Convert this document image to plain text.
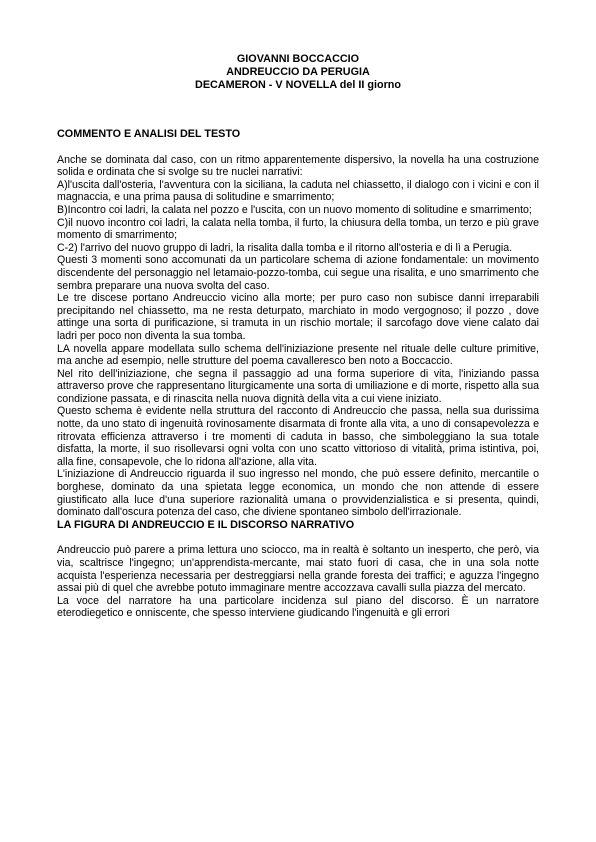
GIOVANNI BOCCACCIO
ANDREUCCIO DA PERUGIA
DECAMERON - V NOVELLA del II giorno
COMMENTO E ANALISI DEL TESTO

Anche se dominata dal caso, con un ritmo apparentemente dispersivo, la novella ha una costruzione solida e ordinata che si svolge su tre nuclei narrativi:

A)l'uscita dall'osteria, l'avventura con la siciliana, la caduta nel chiassetto, il dialogo con i vicini e con il magnaccia, e una prima pausa di solitudine e smarrimento;

B)Incontro coi ladri, la calata nel pozzo e l'uscita, con un nuovo momento di solitudine e smarrimento;

C)il nuovo incontro coi ladri, la calata nella tomba, il furto, la chiusura della tomba, un terzo e più grave momento di smarrimento;

C-2) l'arrivo del nuovo gruppo di ladri, la risalita dalla tomba e il ritorno all'osteria e di lì a Perugia.

Questi 3 momenti sono accomunati da un particolare schema di azione fondamentale: un movimento discendente del personaggio nel letamaio-pozzo-tomba, cui segue una risalita, e uno smarrimento che sembra preparare una nuova svolta del caso.

Le tre discese portano Andreuccio vicino alla morte; per puro caso non subisce danni irreparabili precipitando nel chiassetto, ma ne resta deturpato, marchiato in modo vergognoso; il pozzo , dove attinge una sorta di purificazione, si tramuta in un rischio mortale; il sarcofago dove viene calato dai ladri per poco non diventa la sua tomba.

LA novella appare modellata sullo schema dell'iniziazione presente nel rituale delle culture primitive, ma anche ad esempio, nelle strutture del poema cavalleresco ben noto a Boccaccio.

Nel rito dell'iniziazione, che segna il passaggio ad una forma superiore di vita, l'iniziando passa attraverso prove che rappresentano liturgicamente una sorta di umiliazione e di morte, rispetto alla sua condizione passata, e di rinascita nella nuova dignità della vita a cui viene iniziato.

Questo schema è evidente nella struttura del racconto di Andreuccio che passa, nella sua durissima notte, da uno stato di ingenuità rovinosamente disarmata di fronte alla vita, a uno di consapevolezza e ritrovata efficienza attraverso i tre momenti di caduta in basso, che simboleggiano la sua totale disfatta, la morte, il suo risollevarsi ogni volta con uno scatto vittorioso di vitalità, prima istintiva, poi, alla fine, consapevole, che lo ridona all'azione, alla vita.

L'iniziazione di Andreuccio riguarda il suo ingresso nel mondo, che può essere definito, mercantile o borghese, dominato da una spietata legge economica, un mondo che non attende di essere giustificato alla luce d'una superiore razionalità umana o provvidenzialistica e si presenta, quindi, dominato dall'oscura potenza del caso, che diviene spontaneo simbolo dell'irrazionale.

LA FIGURA DI ANDREUCCIO E IL DISCORSO NARRATIVO

Andreuccio può parere a prima lettura uno sciocco, ma in realtà è soltanto un inesperto, che però, via via, scaltrisce l'ingegno; un'apprendista-mercante, mai stato fuori di casa, che in una sola notte acquista l'esperienza necessaria per destreggiarsi nella grande foresta dei traffici; e aguzza l'ingegno assai più di quel che avrebbe potuto immaginare mentre accozzava cavalli sulla piazza del mercato.

La voce del narratore ha una particolare incidenza sul piano del discorso. È un narratore eterodiegetico e onniscente, che spesso interviene giudicando l'ingenuità e gli errori
